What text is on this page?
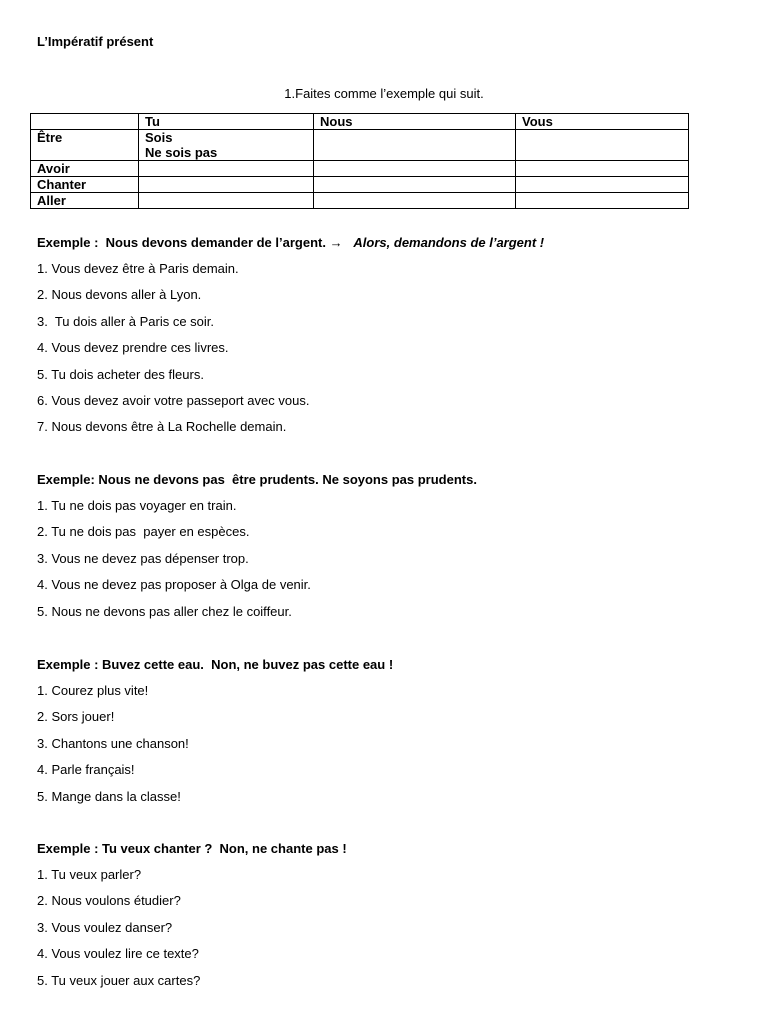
L’Impératif présent
1.Faites comme l’exemple qui suit.
	Tu	Nous	Vous
Être	Sois
Ne sois pas		

Avoir			
Chanter			
Aller			
Exemple :  Nous devons demander de l’argent. →   Alors, demandons de l’argent !
1. Vous devez être à Paris demain.
2. Nous devons aller à Lyon.
3.  Tu dois aller à Paris ce soir.
4. Vous devez prendre ces livres.
5. Tu dois acheter des fleurs.
6. Vous devez avoir votre passeport avec vous.
7. Nous devons être à La Rochelle demain.
Exemple: Nous ne devons pas  être prudents. Ne soyons pas prudents.
1. Tu ne dois pas voyager en train.
2. Tu ne dois pas  payer en espèces.
3. Vous ne devez pas dépenser trop.
4. Vous ne devez pas proposer à Olga de venir.
5. Nous ne devons pas aller chez le coiffeur.
Exemple : Buvez cette eau.  Non, ne buvez pas cette eau !
1. Courez plus vite!
2. Sors jouer!
3. Chantons une chanson!
4. Parle français!
5. Mange dans la classe!
Exemple : Tu veux chanter ?  Non, ne chante pas !
1. Tu veux parler?
2. Nous voulons étudier?
3. Vous voulez danser?
4. Vous voulez lire ce texte?
5. Tu veux jouer aux cartes?
